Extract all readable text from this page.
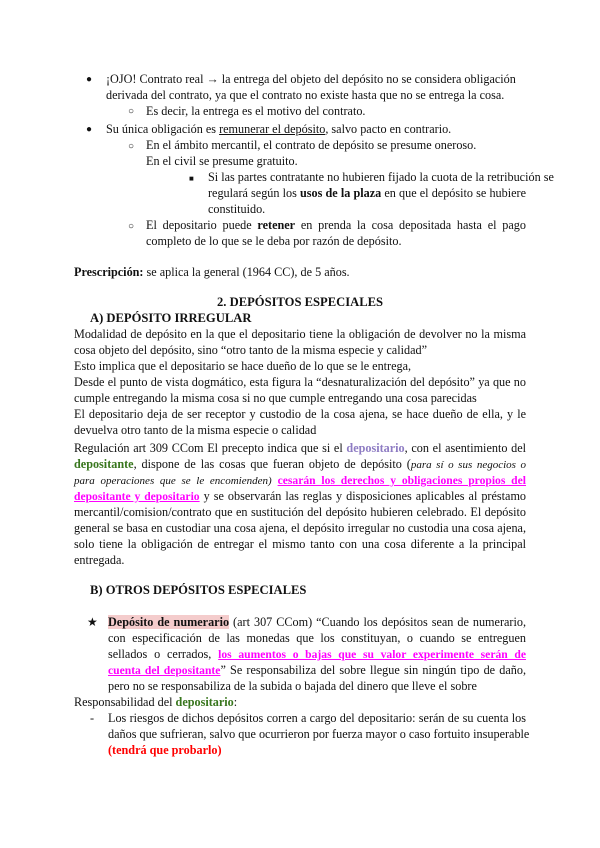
● ¡OJO! Contrato real → la entrega del objeto del depósito no se considera obligación
derivada del contrato, ya que el contrato no existe hasta que no se entrega la cosa.
○ Es decir, la entrega es el motivo del contrato.
● Su única obligación es remunerar el depósito, salvo pacto en contrario.
○ En el ámbito mercantil, el contrato de depósito se presume oneroso.
En el civil se presume gratuito.
■ Si las partes contratante no hubieren fijado la cuota de la retribución se
regulará según los usos de la plaza en que el depósito se hubiere
constituido.
○ El depositario puede retener en prenda la cosa depositada hasta el pago
completo de lo que se le deba por razón de depósito.
Prescripción: se aplica la general (1964 CC), de 5 años.
2. DEPÓSITOS ESPECIALES
A) DEPÓSITO IRREGULAR
Modalidad de depósito en la que el depositario tiene la obligación de devolver no la misma
cosa objeto del depósito, sino “otro tanto de la misma especie y calidad”
Esto implica que el depositario se hace dueño de lo que se le entrega,
Desde el punto de vista dogmático, esta figura la “desnaturalización del depósito” ya que no
cumple entregando la misma cosa si no que cumple entregando una cosa parecidas
El depositario deja de ser receptor y custodio de la cosa ajena, se hace dueño de ella, y le
devuelva otro tanto de la misma especie o calidad
Regulación art 309 CCom El precepto indica que si el depositario, con el asentimiento del
depositante, dispone de las cosas que fueran objeto de depósito (para sí o sus negocios o
para operaciones que se le encomienden) cesarán los derechos y obligaciones propios del
depositante y depositario y se observarán las reglas y disposiciones aplicables al préstamo
mercantil/comision/contrato que en sustitución del depósito hubieren celebrado. El depósito
general se basa en custodiar una cosa ajena, el depósito irregular no custodia una cosa ajena,
solo tiene la obligación de entregar el mismo tanto con una cosa diferente a la principal
entregada.
B) OTROS DEPÓSITOS ESPECIALES
★ Depósito de numerario (art 307 CCom) “Cuando los depósitos sean de numerario,
con especificación de las monedas que los constituyan, o cuando se entreguen
sellados o cerrados, los aumentos o bajas que su valor experimente serán de
cuenta del depositante” Se responsabiliza del sobre llegue sin ningún tipo de daño,
pero no se responsabiliza de la subida o bajada del dinero que lleve el sobre
Responsabilidad del depositario:
- Los riesgos de dichos depósitos corren a cargo del depositario: serán de su cuenta los
daños que sufrieran, salvo que ocurrieron por fuerza mayor o caso fortuito insuperable
(tendrá que probarlo)
